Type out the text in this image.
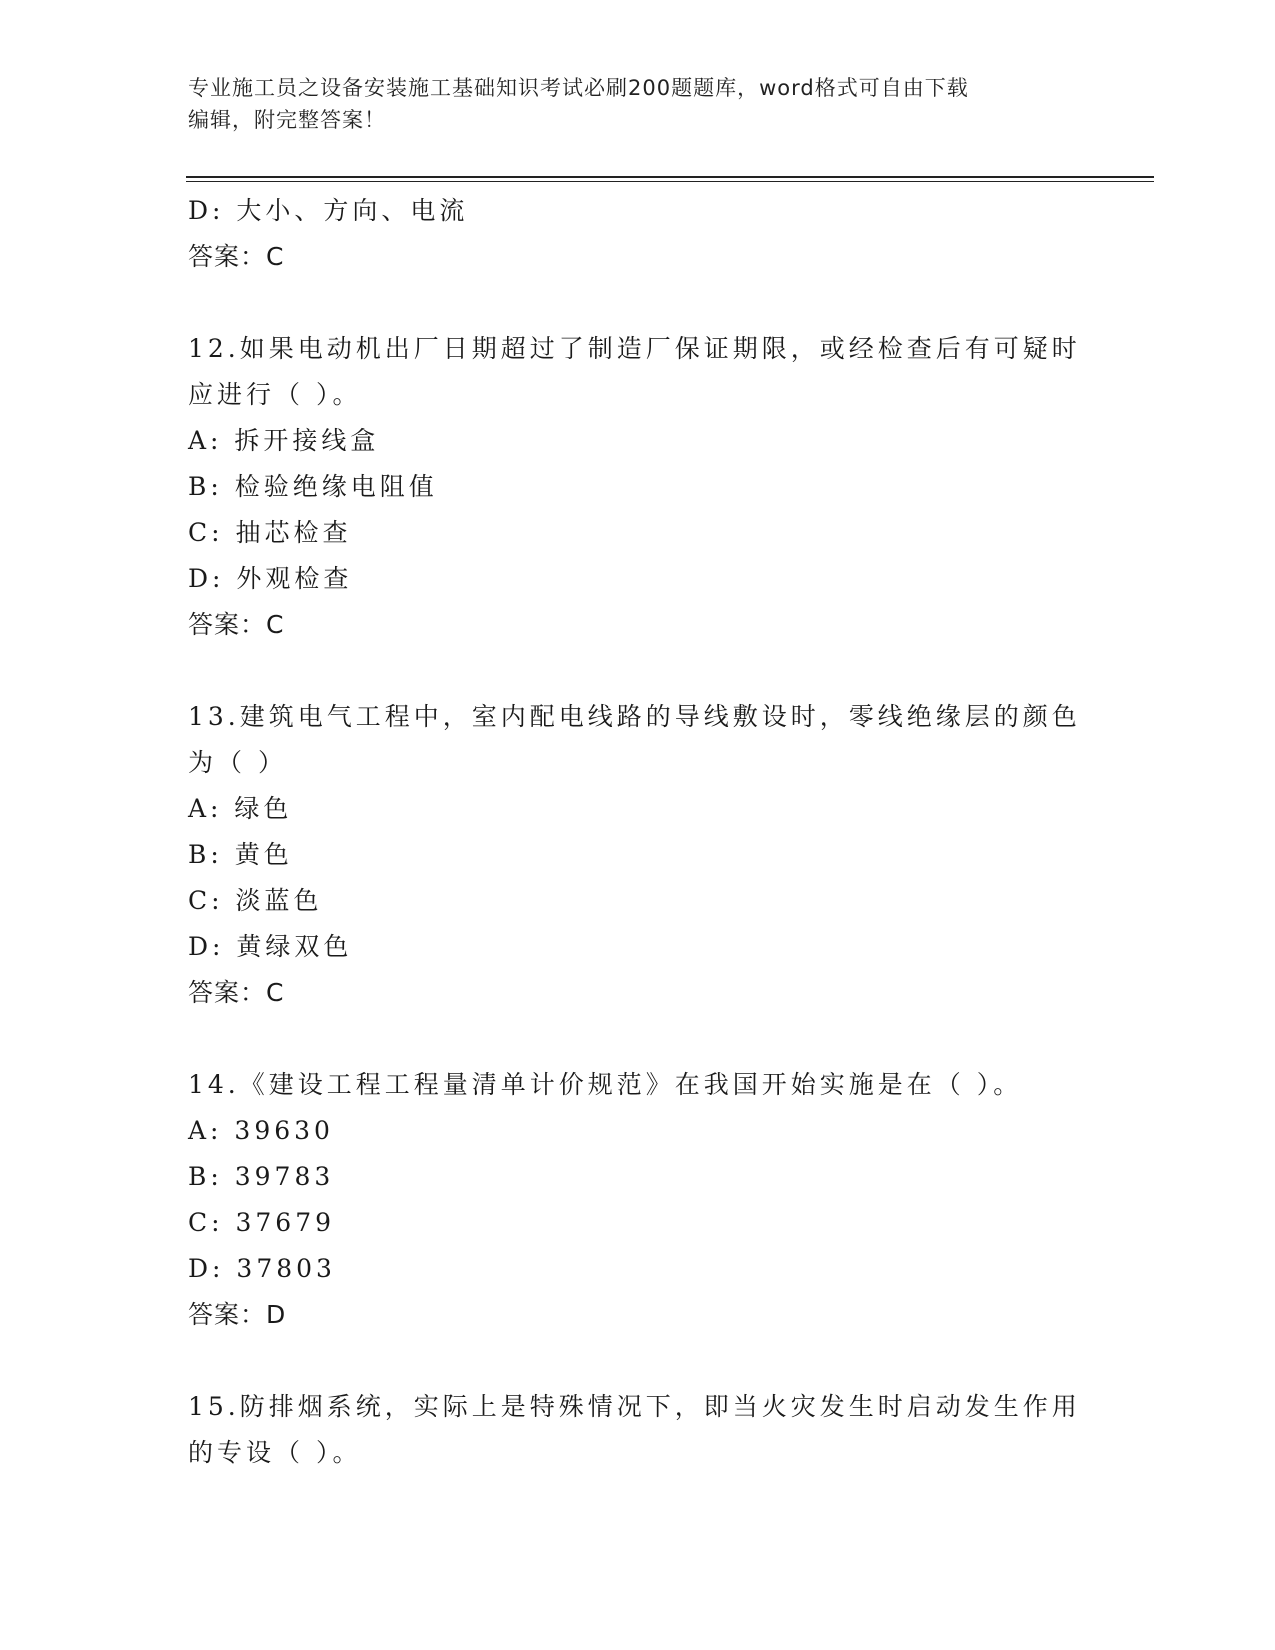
专业施工员之设备安装施工基础知识考试必刷200题题库，word格式可自由下载
编辑，附完整答案！
D: 大小、方向、电流
答案：C
12.如果电动机出厂日期超过了制造厂保证期限，或经检查后有可疑时
应进行（ ）。
A: 拆开接线盒
B: 检验绝缘电阻值
C: 抽芯检查
D: 外观检查
答案：C
13.建筑电气工程中，室内配电线路的导线敷设时，零线绝缘层的颜色
为（ ）
A: 绿色
B: 黄色
C: 淡蓝色
D: 黄绿双色
答案：C
14.《建设工程工程量清单计价规范》在我国开始实施是在（ ）。
A: 39630
B: 39783
C: 37679
D: 37803
答案：D
15.防排烟系统，实际上是特殊情况下，即当火灾发生时启动发生作用
的专设（ ）。
